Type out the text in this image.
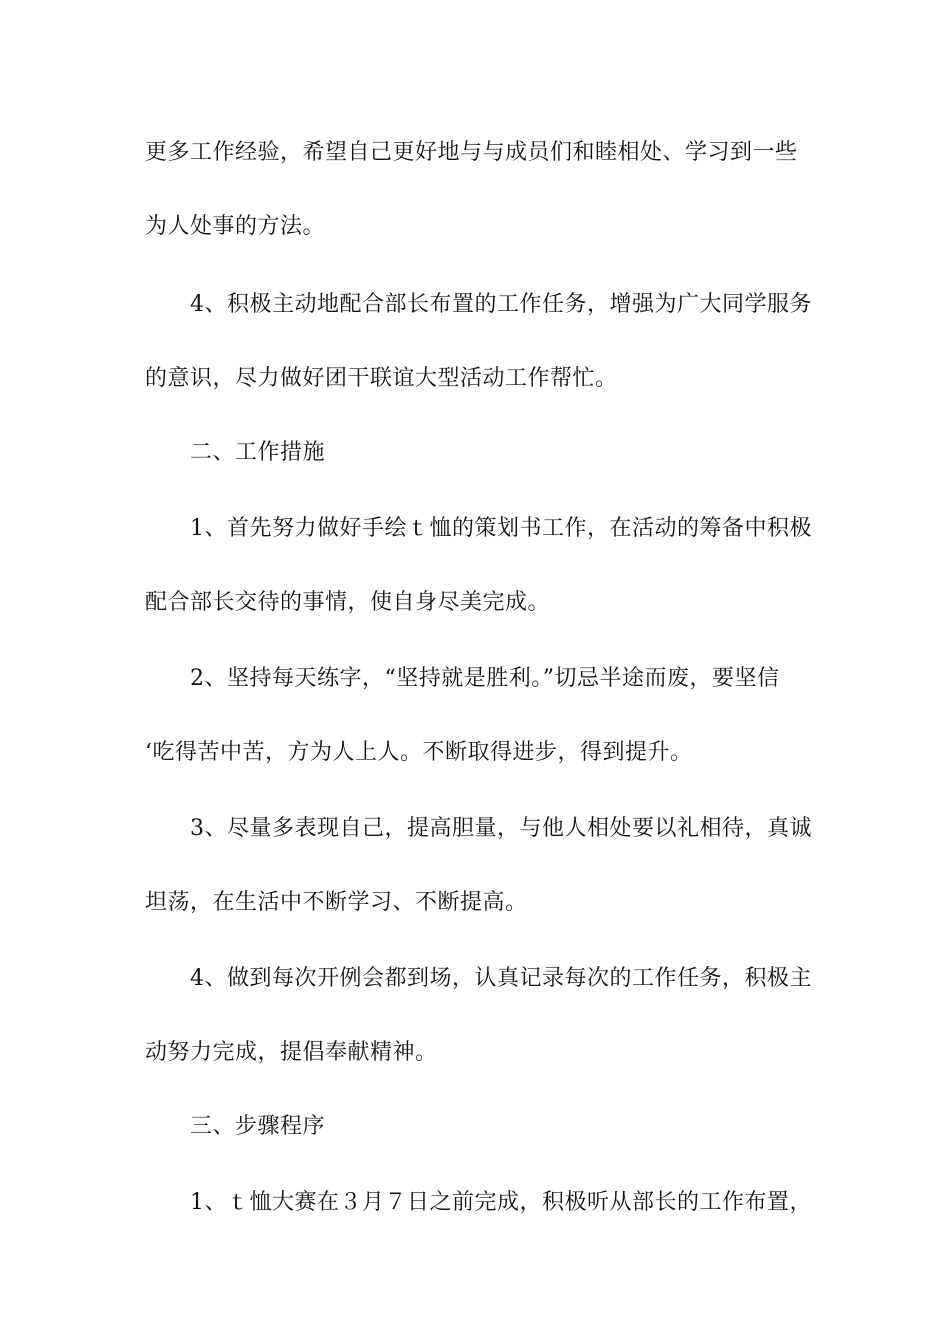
更多工作经验，希望自己更好地与与成员们和睦相处、学习到一些
为人处事的方法。
4、积极主动地配合部长布置的工作任务，增强为广大同学服务
的意识，尽力做好团干联谊大型活动工作帮忙。
二、工作措施
1、首先努力做好手绘ｔ恤的策划书工作，在活动的筹备中积极
配合部长交待的事情，使自身尽美完成。
2、坚持每天练字，“坚持就是胜利。”切忌半途而废，要坚信
‘吃得苦中苦，方为人上人。不断取得进步，得到提升。
3、尽量多表现自己，提高胆量，与他人相处要以礼相待，真诚
坦荡，在生活中不断学习、不断提高。
4、做到每次开例会都到场，认真记录每次的工作任务，积极主
动努力完成，提倡奉献精神。
三、步骤程序
1、ｔ恤大赛在３月７日之前完成，积极听从部长的工作布置，
